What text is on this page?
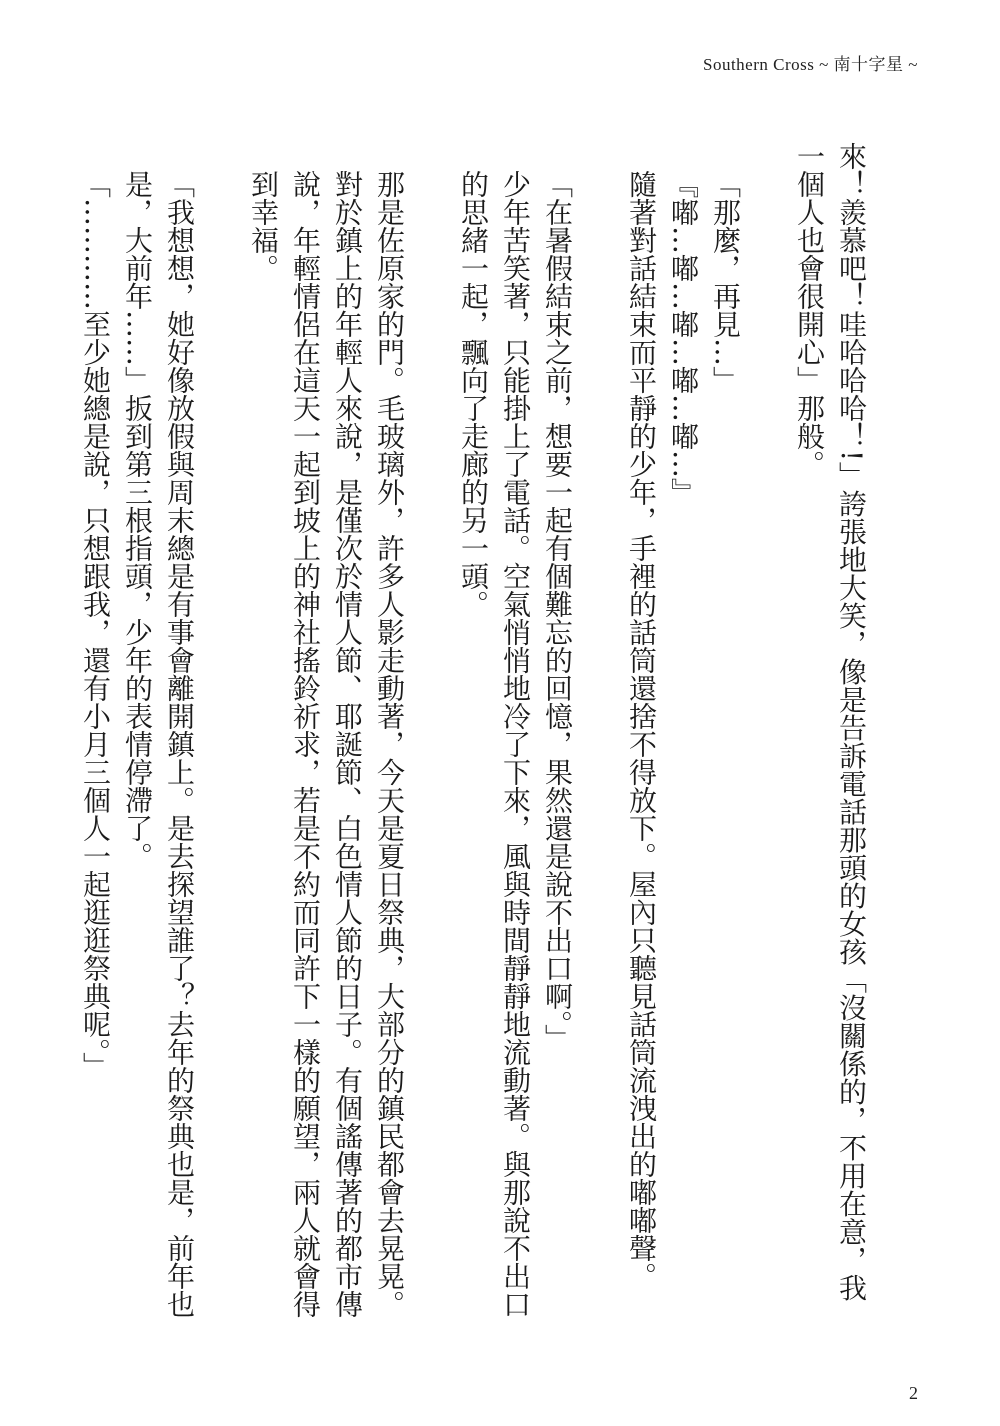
Southern Cross ~ 南十字星 ~

來！羨慕吧！哇哈哈哈！!」誇張地大笑，像是告訴電話那頭的女孩「沒關係的，不用在意，我一個人也會很開心」那般。

「那麼，再見…」

『嘟…嘟…嘟…嘟…嘟…』

隨著對話結束而平靜的少年，手裡的話筒還捨不得放下。屋內只聽見話筒流洩出的嘟嘟聲。

「在暑假結束之前，想要一起有個難忘的回憶，果然還是說不出口啊。」

少年苦笑著，只能掛上了電話。空氣悄悄地冷了下來，風與時間靜靜地流動著。與那說不出口的思緒一起，飄向了走廊的另一頭。

那是佐原家的門。毛玻璃外，許多人影走動著，今天是夏日祭典，大部分的鎮民都會去晃晃。對於鎮上的年輕人來說，是僅次於情人節、耶誕節、白色情人節的日子。有個謠傳著的都市傳說，年輕情侶在這天一起到坡上的神社搖鈴祈求，若是不約而同許下一樣的願望，兩人就會得到幸福。

「我想想，她好像放假與周末總是有事會離開鎮上。是去探望誰了？去年的祭典也是，前年也是，大前年……」扳到第三根指頭，少年的表情停滯了。

「…………至少她總是說，只想跟我，還有小月三個人一起逛逛祭典呢。」

2
